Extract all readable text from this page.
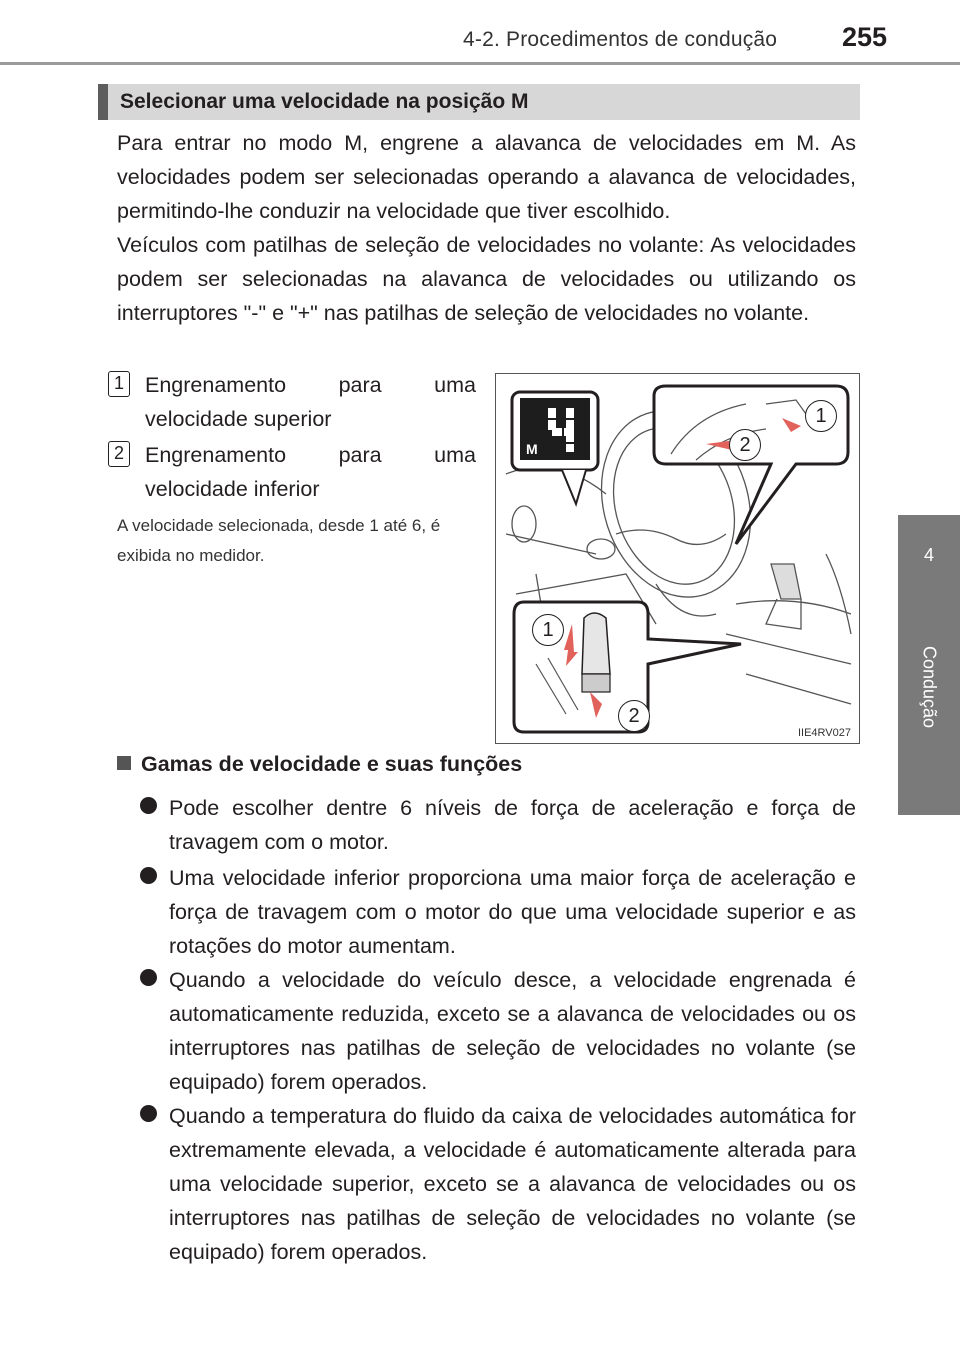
4-2. Procedimentos de condução 255
4
Condução
Selecionar uma velocidade na posição M

Para entrar no modo M, engrene a alavanca de velocidades em M. As velocidades podem ser selecionadas operando a alavanca de velocidades, permitindo-lhe conduzir na velocidade que tiver escolhido.

Veículos com patilhas de seleção de velocidades no volante: As velocidades podem ser selecionadas na alavanca de velocidades ou utilizando os interruptores "-" e "+" nas patilhas de seleção de velocidades no volante.

1 Engrenamento para uma velocidade superior
2 Engrenamento para uma velocidade inferior
A velocidade selecionada, desde 1 até 6, é exibida no medidor.
M
1
2
1
2
IIE4RV027
Gamas de velocidade e suas funções
Pode escolher dentre 6 níveis de força de aceleração e força de travagem com o motor.
Uma velocidade inferior proporciona uma maior força de aceleração e força de travagem com o motor do que uma velocidade superior e as rotações do motor aumentam.
Quando a velocidade do veículo desce, a velocidade engrenada é automaticamente reduzida, exceto se a alavanca de velocidades ou os interruptores nas patilhas de seleção de velocidades no volante (se equipado) forem operados.
Quando a temperatura do fluido da caixa de velocidades automática for extremamente elevada, a velocidade é automaticamente alterada para uma velocidade superior, exceto se a alavanca de velocidades ou os interruptores nas patilhas de seleção de velocidades no volante (se equipado) forem operados.
